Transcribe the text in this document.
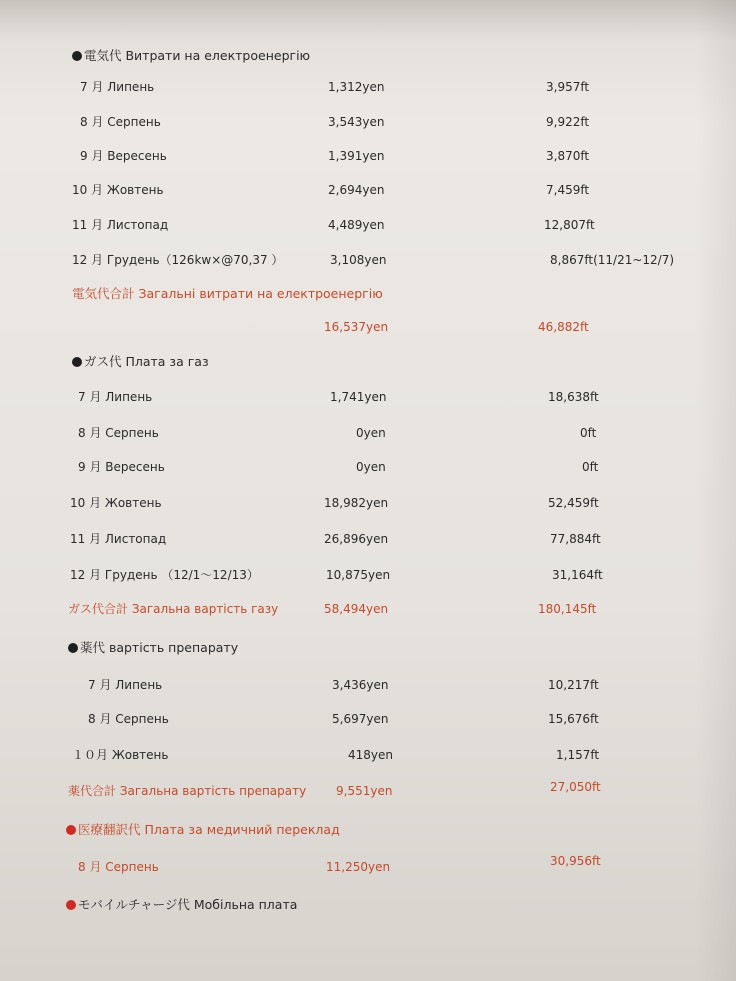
電気代 Витрати на електроенергію
7 月 Липень	1,312yen	3,957ft
8 月 Серпень	3,543yen	9,922ft
9 月 Вересень	1,391yen	3,870ft
10 月 Жовтень	2,694yen	7,459ft
11 月 Листопад	4,489yen	12,807ft
12 月 Грудень（126kw×@70,37 ）	3,108yen	8,867ft(11/21~12/7)
電気代合計 Загальні витрати на електроенергію
16,537yen	46,882ft
ガス代 Плата за газ
7 月 Липень	1,741yen	18,638ft
8 月 Серпень	0yen	0ft
9 月 Вересень	0yen	0ft
10 月 Жовтень	18,982yen	52,459ft
11 月 Листопад	26,896yen	77,884ft
12 月 Грудень （12/1～12/13）	10,875yen	31,164ft
ガス代合計 Загальна вартість газу	58,494yen	180,145ft
薬代 вартість препарату
7 月 Липень	3,436yen	10,217ft
8 月 Серпень	5,697yen	15,676ft
１０月 Жовтень	418yen	1,157ft
薬代合計 Загальна вартість препарату 9,551yen	27,050ft
医療翻訳代 Плата за медичний переклад
8 月 Серпень	11,250yen	30,956ft
モバイルチャージ代 Мобільна плата
